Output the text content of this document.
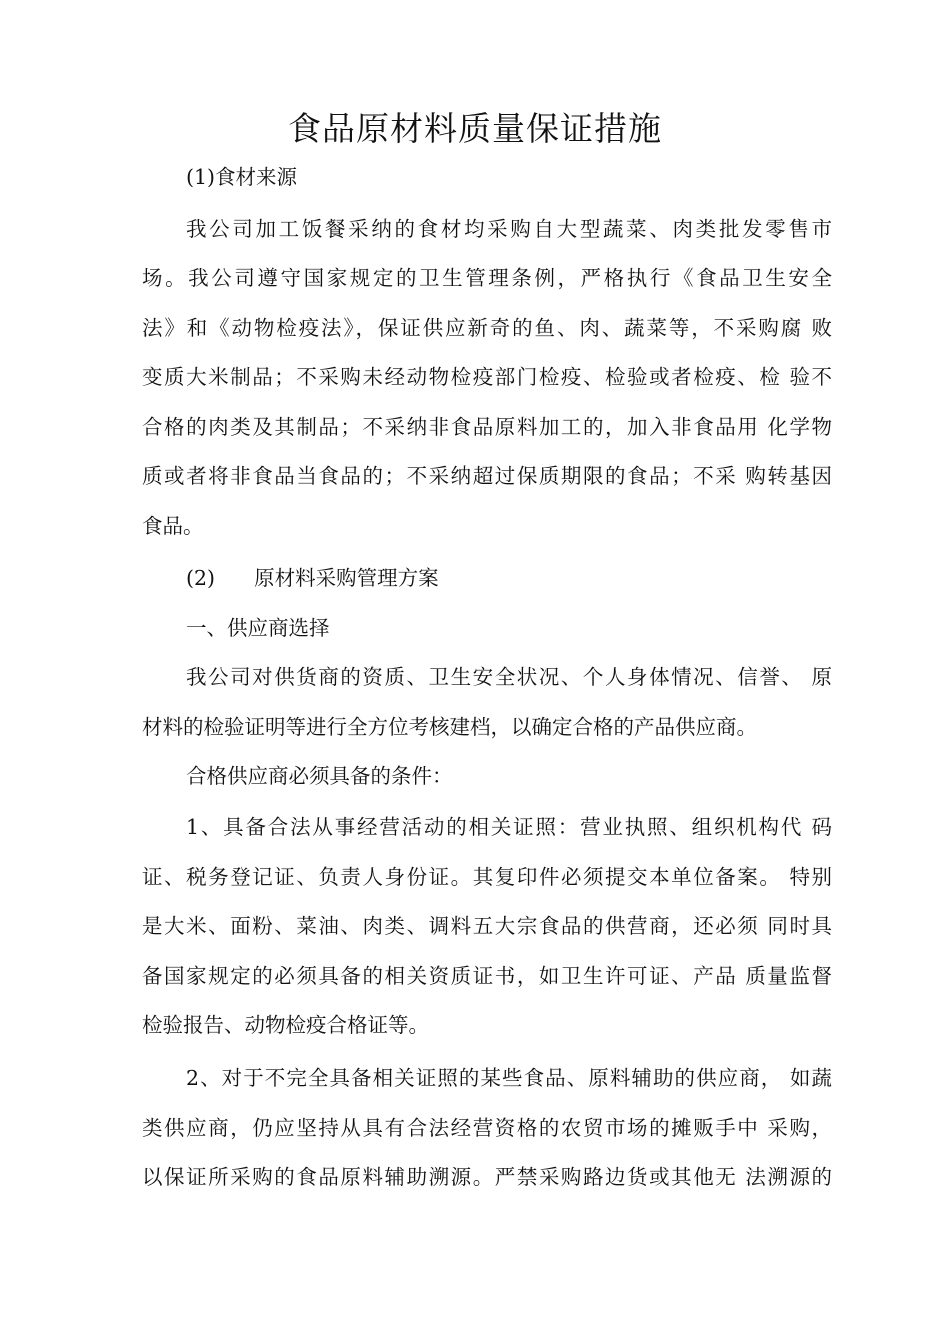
食品原材料质量保证措施
(1)食材来源
我公司加工饭餐采纳的食材均采购自大型蔬菜、肉类批发零售市
场。我公司遵守国家规定的卫生管理条例，严格执行《食品卫生安全
法》和《动物检疫法》，保证供应新奇的鱼、肉、蔬菜等，不采购腐 败
变质大米制品；不采购未经动物检疫部门检疫、检验或者检疫、检 验不
合格的肉类及其制品；不采纳非食品原料加工的，加入非食品用 化学物
质或者将非食品当食品的；不采纳超过保质期限的食品；不采 购转基因
食品。
(2)      原材料采购管理方案
一、供应商选择
我公司对供货商的资质、卫生安全状况、个人身体情况、信誉、 原
材料的检验证明等进行全方位考核建档，以确定合格的产品供应商。
合格供应商必须具备的条件：
1、具备合法从事经营活动的相关证照：营业执照、组织机构代 码
证、税务登记证、负责人身份证。其复印件必须提交本单位备案。 特别
是大米、面粉、菜油、肉类、调料五大宗食品的供营商，还必须 同时具
备国家规定的必须具备的相关资质证书，如卫生许可证、产品 质量监督
检验报告、动物检疫合格证等。
2、对于不完全具备相关证照的某些食品、原料辅助的供应商， 如蔬
类供应商，仍应坚持从具有合法经营资格的农贸市场的摊贩手中 采购，
以保证所采购的食品原料辅助溯源。严禁采购路边货或其他无 法溯源的
